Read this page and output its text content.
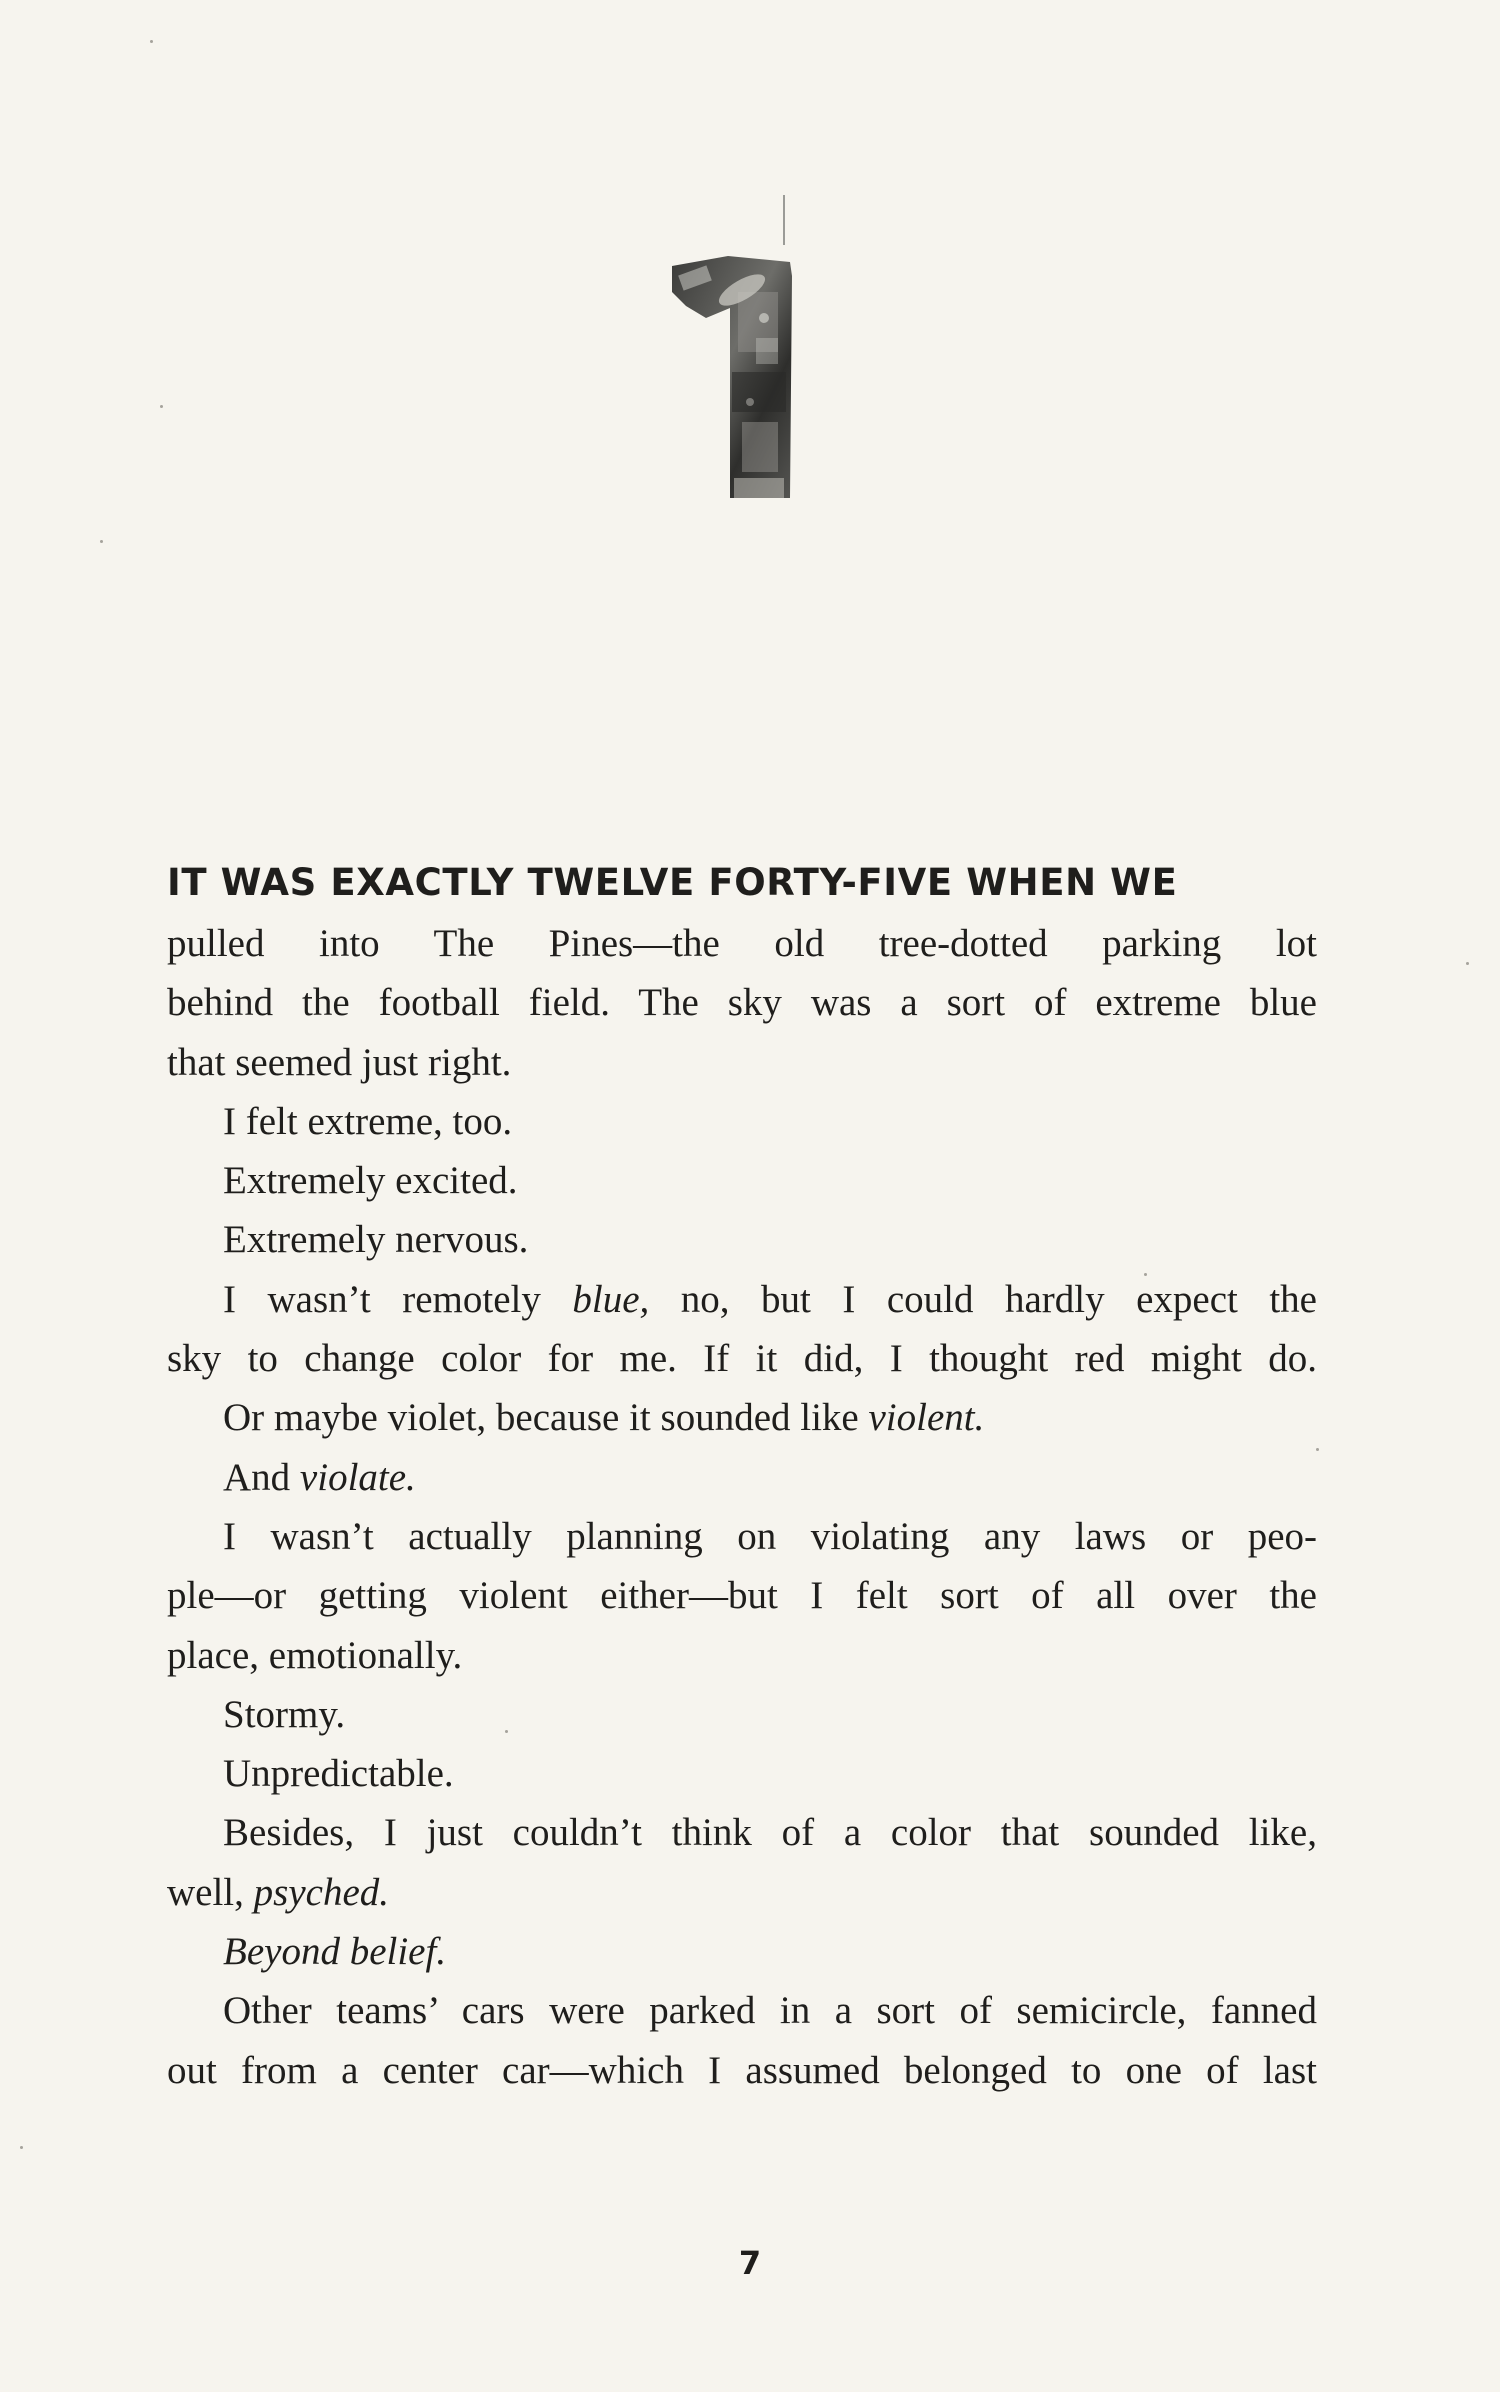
IT WAS EXACTLY TWELVE FORTY-FIVE WHEN WE

pulled into The Pines—the old tree-dotted parking lot

behind the football field. The sky was a sort of extreme blue

that seemed just right.

I felt extreme, too.

Extremely excited.

Extremely nervous.

I wasn’t remotely blue, no, but I could hardly expect the

sky to change color for me. If it did, I thought red might do.

Or maybe violet, because it sounded like violent.

And violate.

I wasn’t actually planning on violating any laws or peo-

ple—or getting violent either—but I felt sort of all over the

place, emotionally.

Stormy.

Unpredictable.

Besides, I just couldn’t think of a color that sounded like,

well, psyched.

Beyond belief.

Other teams’ cars were parked in a sort of semicircle, fanned

out from a center car—which I assumed belonged to one of last

7
